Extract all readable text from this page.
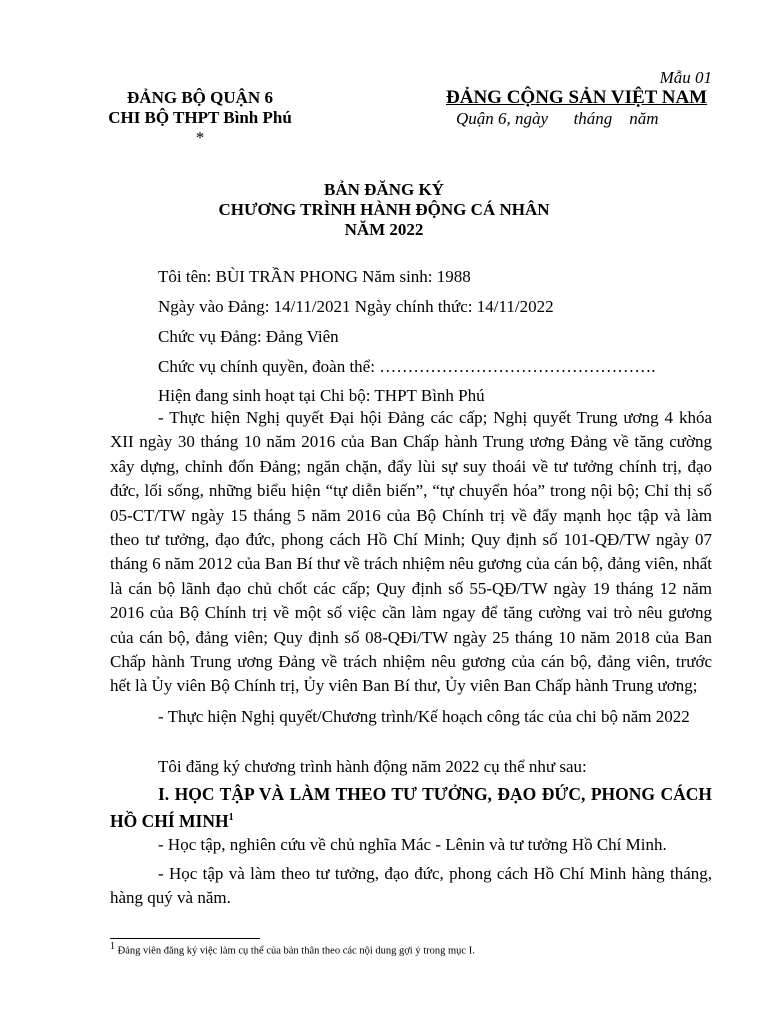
Mẫu 01
ĐẢNG BỘ QUẬN 6
CHI BỘ THPT Bình Phú
*
ĐẢNG CỘNG SẢN VIỆT NAM
Quận 6, ngày      tháng    năm
BẢN ĐĂNG KÝ
CHƯƠNG TRÌNH HÀNH ĐỘNG CÁ NHÂN
NĂM 2022
Tôi tên: BÙI TRẦN PHONG Năm sinh: 1988
Ngày vào Đảng: 14/11/2021 Ngày chính thức: 14/11/2022
Chức vụ Đảng: Đảng Viên
Chức vụ chính quyền, đoàn thể: ………………………………………….
Hiện đang sinh hoạt tại Chi bộ: THPT Bình Phú
- Thực hiện Nghị quyết Đại hội Đảng các cấp; Nghị quyết Trung ương 4 khóa XII ngày 30 tháng 10 năm 2016 của Ban Chấp hành Trung ương Đảng về tăng cường xây dựng, chỉnh đốn Đảng; ngăn chặn, đẩy lùi sự suy thoái về tư tưởng chính trị, đạo đức, lối sống, những biểu hiện “tự diễn biến”, “tự chuyển hóa” trong nội bộ; Chỉ thị số 05-CT/TW ngày 15 tháng 5 năm 2016 của Bộ Chính trị về đẩy mạnh học tập và làm theo tư tưởng, đạo đức, phong cách Hồ Chí Minh; Quy định số 101-QĐ/TW ngày 07 tháng 6 năm 2012 của Ban Bí thư về trách nhiệm nêu gương của cán bộ, đảng viên, nhất là cán bộ lãnh đạo chủ chốt các cấp; Quy định số 55-QĐ/TW ngày 19 tháng 12 năm 2016 của Bộ Chính trị về một số việc cần làm ngay để tăng cường vai trò nêu gương của cán bộ, đảng viên; Quy định số 08-QĐi/TW ngày 25 tháng 10 năm 2018 của Ban Chấp hành Trung ương Đảng về trách nhiệm nêu gương của cán bộ, đảng viên, trước hết là Ủy viên Bộ Chính trị, Ủy viên Ban Bí thư, Ủy viên Ban Chấp hành Trung ương;
- Thực hiện Nghị quyết/Chương trình/Kế hoạch công tác của chi bộ năm 2022
Tôi đăng ký chương trình hành động năm 2022 cụ thể như sau:
I. HỌC TẬP VÀ LÀM THEO TƯ TƯỞNG, ĐẠO ĐỨC, PHONG CÁCH HỒ CHÍ MINH$^1$
- Học tập, nghiên cứu về chủ nghĩa Mác - Lênin và tư tưởng Hồ Chí Minh.
- Học tập và làm theo tư tưởng, đạo đức, phong cách Hồ Chí Minh hàng tháng, hàng quý và năm.
$^1$ Đảng viên đăng ký việc làm cụ thể của bản thân theo các nội dung gợi ý trong mục I.
